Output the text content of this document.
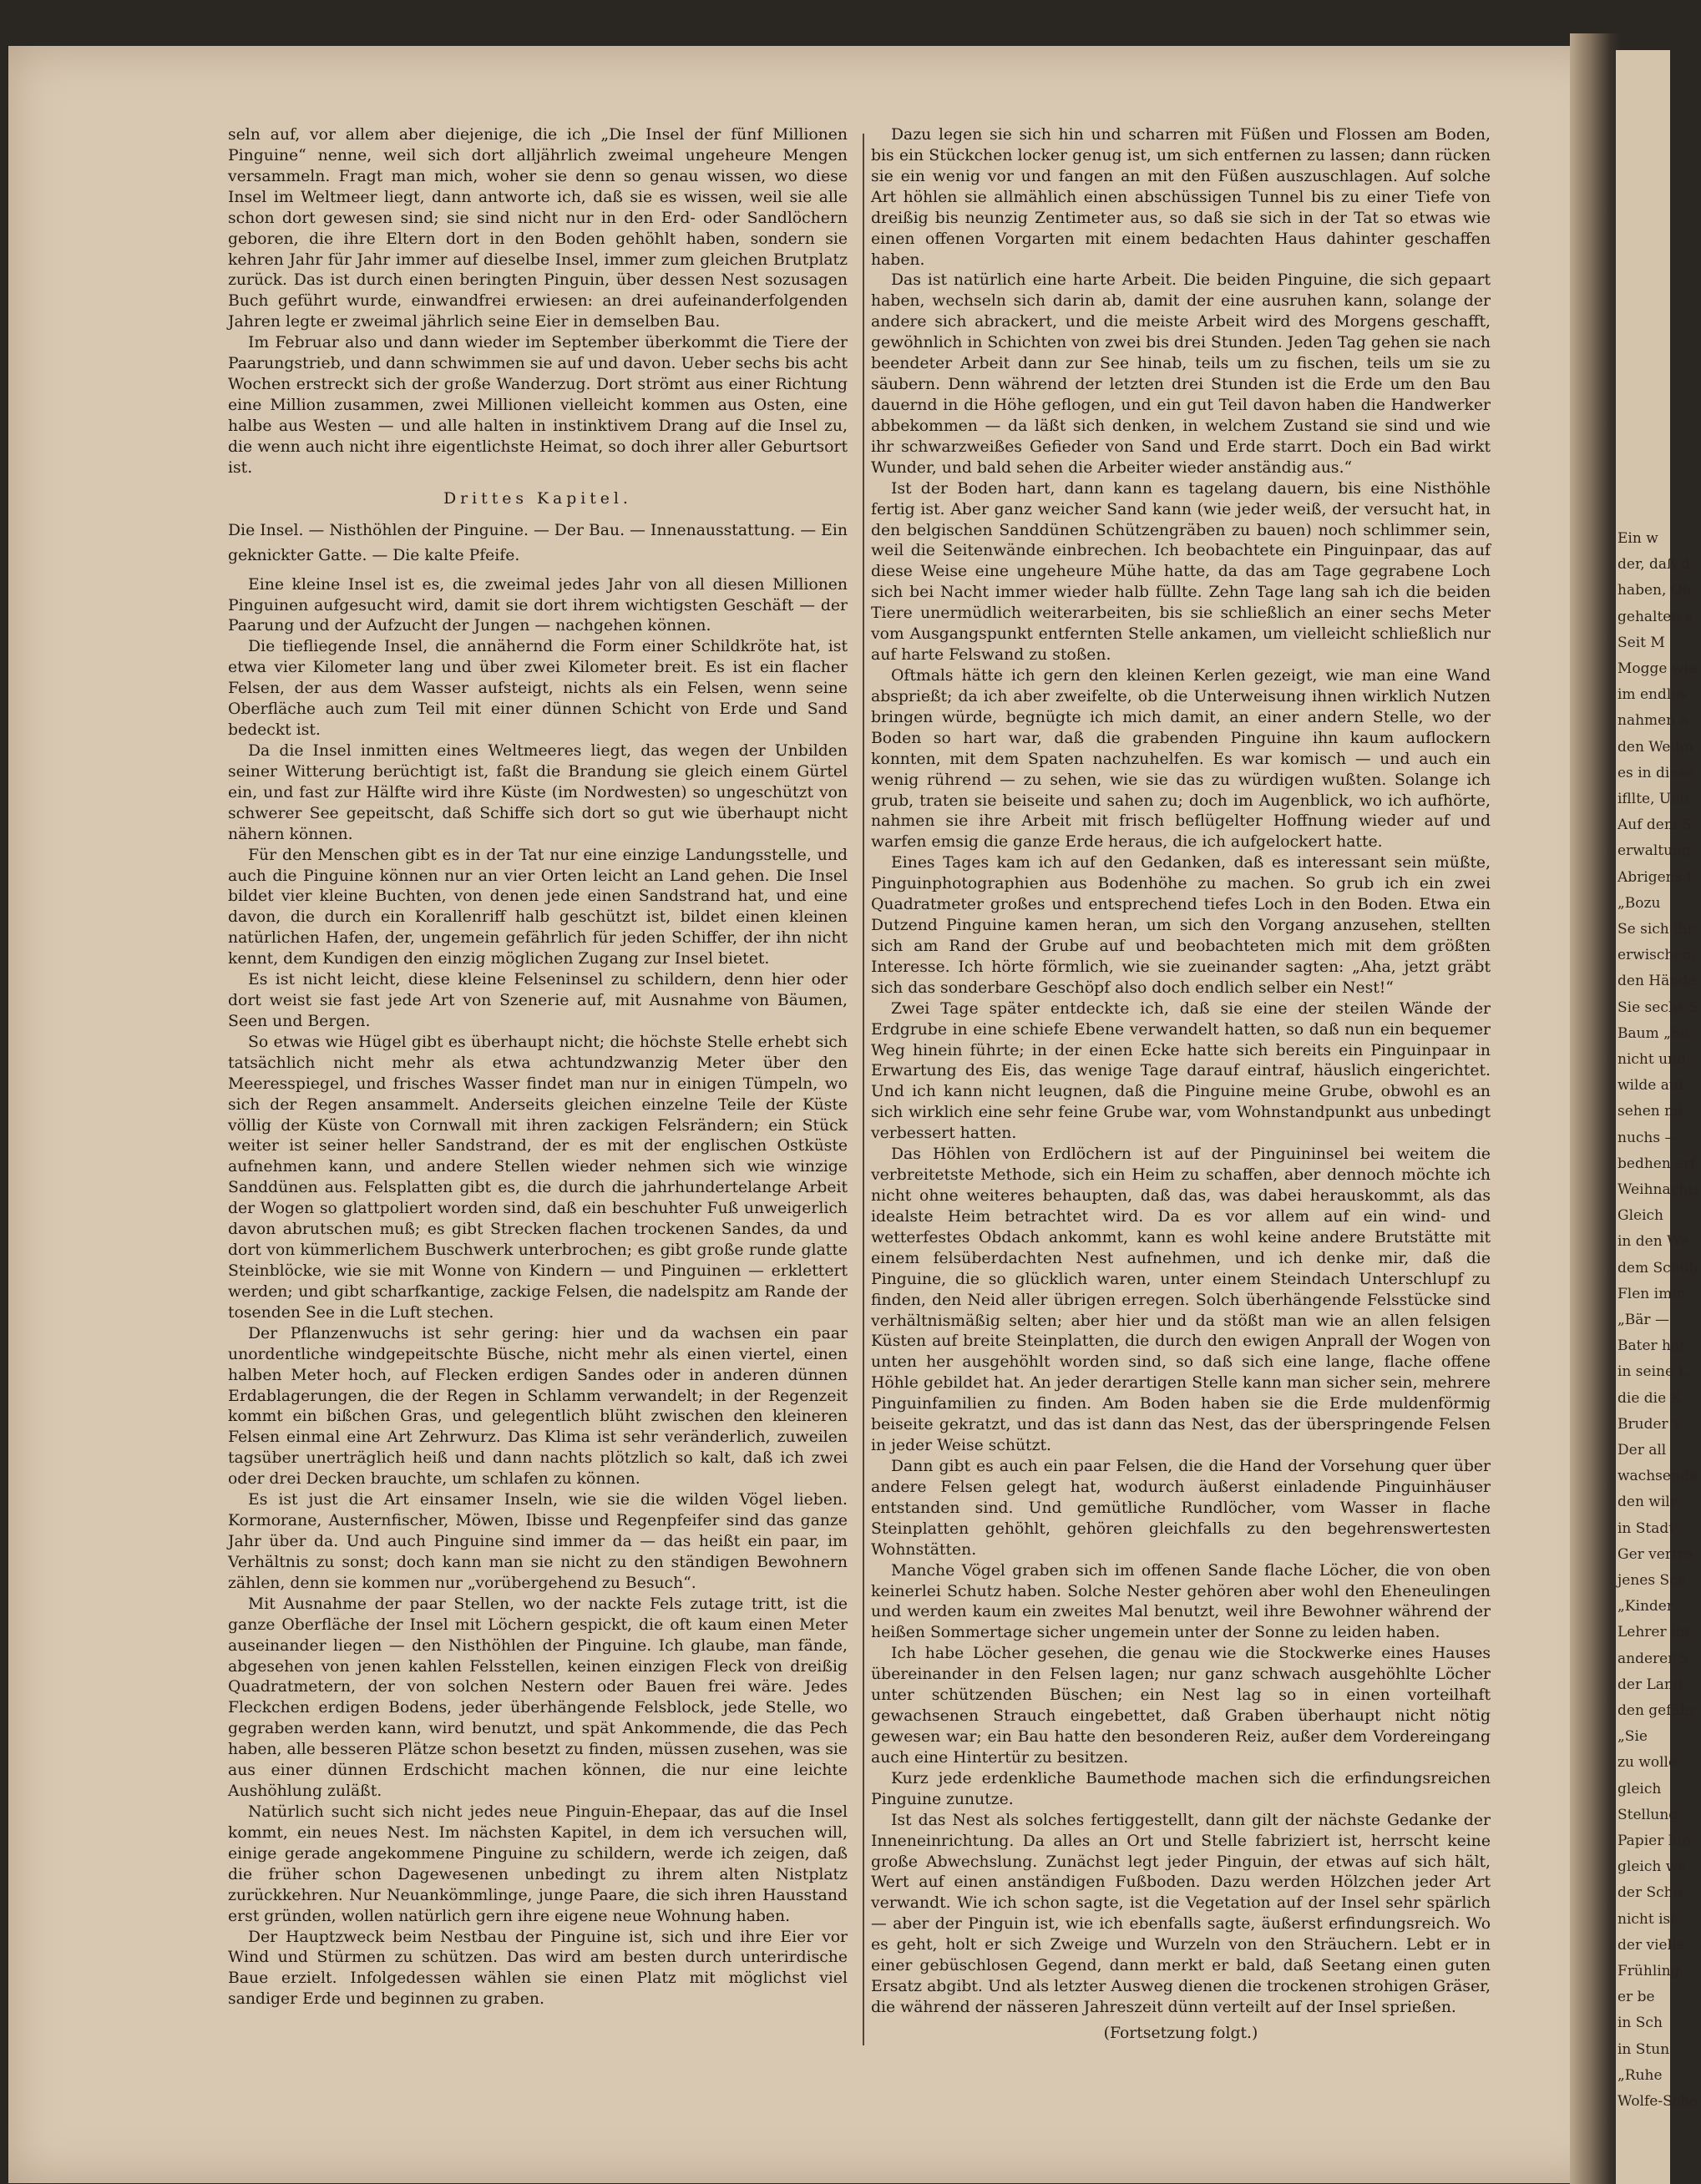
Ein w
der, daß d
haben, Ob
gehalten s
Seit M
Mogge wie
im endlos
nahmen a
den Weihn
es in diese
ifllte, Ueb
Auf dem S
erwaltung
Abrigens t
„Bozu
Se sich ihr
erwischen,
den Hände
Sie sechs S
Baum „So
nicht und
wilde auf
sehen mi
nuchs —
bedhen erf
Weihnachts
Gleich
in den We
dem Schuh
Flen imm
„Bär —
Bater hat
in seine L
die die K
Bruder v
Der all
wachsende
den wilr
in Stadt
Ger vertro
jenes Sch
„Kinder
Lehrer ihr
anderer S
der Land
den gefähr
„Sie
zu wolle
gleich
Stellung
Papier hin
gleich we
der Schu
nicht ist
der vielle
Frühling
er be
in Sch
in Stun
„Ruhe
Wolfe-Sche

seln auf, vor allem aber diejenige, die ich „Die Insel der fünf Millionen Pinguine“ nenne, weil sich dort alljährlich zweimal ungeheure Mengen versammeln. Fragt man mich, woher sie denn so genau wissen, wo diese Insel im Weltmeer liegt, dann antworte ich, daß sie es wissen, weil sie alle schon dort gewesen sind; sie sind nicht nur in den Erd- oder Sandlöchern geboren, die ihre Eltern dort in den Boden gehöhlt haben, sondern sie kehren Jahr für Jahr immer auf dieselbe Insel, immer zum gleichen Brutplatz zurück. Das ist durch einen beringten Pinguin, über dessen Nest sozusagen Buch geführt wurde, einwandfrei erwiesen: an drei aufeinanderfolgenden Jahren legte er zweimal jährlich seine Eier in demselben Bau.

Im Februar also und dann wieder im September überkommt die Tiere der Paarungstrieb, und dann schwimmen sie auf und davon. Ueber sechs bis acht Wochen erstreckt sich der große Wanderzug. Dort strömt aus einer Richtung eine Million zusammen, zwei Millionen vielleicht kommen aus Osten, eine halbe aus Westen — und alle halten in instinktivem Drang auf die Insel zu, die wenn auch nicht ihre eigentlichste Heimat, so doch ihrer aller Geburtsort ist.

Drittes Kapitel.

Die Insel. — Nisthöhlen der Pinguine. — Der Bau. — Innenausstattung. — Ein geknickter Gatte. — Die kalte Pfeife.

Eine kleine Insel ist es, die zweimal jedes Jahr von all diesen Millionen Pinguinen aufgesucht wird, damit sie dort ihrem wichtigsten Geschäft — der Paarung und der Aufzucht der Jungen — nachgehen können.

Die tiefliegende Insel, die annähernd die Form einer Schildkröte hat, ist etwa vier Kilometer lang und über zwei Kilometer breit. Es ist ein flacher Felsen, der aus dem Wasser aufsteigt, nichts als ein Felsen, wenn seine Oberfläche auch zum Teil mit einer dünnen Schicht von Erde und Sand bedeckt ist.

Da die Insel inmitten eines Weltmeeres liegt, das wegen der Unbilden seiner Witterung berüchtigt ist, faßt die Brandung sie gleich einem Gürtel ein, und fast zur Hälfte wird ihre Küste (im Nordwesten) so ungeschützt von schwerer See gepeitscht, daß Schiffe sich dort so gut wie überhaupt nicht nähern können.

Für den Menschen gibt es in der Tat nur eine einzige Landungsstelle, und auch die Pinguine können nur an vier Orten leicht an Land gehen. Die Insel bildet vier kleine Buchten, von denen jede einen Sandstrand hat, und eine davon, die durch ein Korallenriff halb geschützt ist, bildet einen kleinen natürlichen Hafen, der, ungemein gefährlich für jeden Schiffer, der ihn nicht kennt, dem Kundigen den einzig möglichen Zugang zur Insel bietet.

Es ist nicht leicht, diese kleine Felseninsel zu schildern, denn hier oder dort weist sie fast jede Art von Szenerie auf, mit Ausnahme von Bäumen, Seen und Bergen.

So etwas wie Hügel gibt es überhaupt nicht; die höchste Stelle erhebt sich tatsächlich nicht mehr als etwa achtundzwanzig Meter über den Meeresspiegel, und frisches Wasser findet man nur in einigen Tümpeln, wo sich der Regen ansammelt. Anderseits gleichen einzelne Teile der Küste völlig der Küste von Cornwall mit ihren zackigen Felsrändern; ein Stück weiter ist seiner heller Sandstrand, der es mit der englischen Ostküste aufnehmen kann, und andere Stellen wieder nehmen sich wie winzige Sanddünen aus. Felsplatten gibt es, die durch die jahrhundertelange Arbeit der Wogen so glattpoliert worden sind, daß ein beschuhter Fuß unweigerlich davon abrutschen muß; es gibt Strecken flachen trockenen Sandes, da und dort von kümmerlichem Buschwerk unterbrochen; es gibt große runde glatte Steinblöcke, wie sie mit Wonne von Kindern — und Pinguinen — erklettert werden; und gibt scharfkantige, zackige Felsen, die nadelspitz am Rande der tosenden See in die Luft stechen.

Der Pflanzenwuchs ist sehr gering: hier und da wachsen ein paar unordentliche windgepeitschte Büsche, nicht mehr als einen viertel, einen halben Meter hoch, auf Flecken erdigen Sandes oder in anderen dünnen Erdablagerungen, die der Regen in Schlamm verwandelt; in der Regenzeit kommt ein bißchen Gras, und gelegentlich blüht zwischen den kleineren Felsen einmal eine Art Zehrwurz. Das Klima ist sehr veränderlich, zuweilen tagsüber unerträglich heiß und dann nachts plötzlich so kalt, daß ich zwei oder drei Decken brauchte, um schlafen zu können.

Es ist just die Art einsamer Inseln, wie sie die wilden Vögel lieben. Kormorane, Austernfischer, Möwen, Ibisse und Regenpfeifer sind das ganze Jahr über da. Und auch Pinguine sind immer da — das heißt ein paar, im Verhältnis zu sonst; doch kann man sie nicht zu den ständigen Bewohnern zählen, denn sie kommen nur „vorübergehend zu Besuch“.

Mit Ausnahme der paar Stellen, wo der nackte Fels zutage tritt, ist die ganze Oberfläche der Insel mit Löchern gespickt, die oft kaum einen Meter auseinander liegen — den Nisthöhlen der Pinguine. Ich glaube, man fände, abgesehen von jenen kahlen Felsstellen, keinen einzigen Fleck von dreißig Quadratmetern, der von solchen Nestern oder Bauen frei wäre. Jedes Fleckchen erdigen Bodens, jeder überhängende Felsblock, jede Stelle, wo gegraben werden kann, wird benutzt, und spät Ankommende, die das Pech haben, alle besseren Plätze schon besetzt zu finden, müssen zusehen, was sie aus einer dünnen Erdschicht machen können, die nur eine leichte Aushöhlung zuläßt.

Natürlich sucht sich nicht jedes neue Pinguin-Ehepaar, das auf die Insel kommt, ein neues Nest. Im nächsten Kapitel, in dem ich versuchen will, einige gerade angekommene Pinguine zu schildern, werde ich zeigen, daß die früher schon Dagewesenen unbedingt zu ihrem alten Nistplatz zurückkehren. Nur Neuankömmlinge, junge Paare, die sich ihren Hausstand erst gründen, wollen natürlich gern ihre eigene neue Wohnung haben.

Der Hauptzweck beim Nestbau der Pinguine ist, sich und ihre Eier vor Wind und Stürmen zu schützen. Das wird am besten durch unterirdische Baue erzielt. Infolgedessen wählen sie einen Platz mit möglichst viel sandiger Erde und beginnen zu graben.

Dazu legen sie sich hin und scharren mit Füßen und Flossen am Boden, bis ein Stückchen locker genug ist, um sich entfernen zu lassen; dann rücken sie ein wenig vor und fangen an mit den Füßen auszuschlagen. Auf solche Art höhlen sie allmählich einen abschüssigen Tunnel bis zu einer Tiefe von dreißig bis neunzig Zentimeter aus, so daß sie sich in der Tat so etwas wie einen offenen Vorgarten mit einem bedachten Haus dahinter geschaffen haben.

Das ist natürlich eine harte Arbeit. Die beiden Pinguine, die sich gepaart haben, wechseln sich darin ab, damit der eine ausruhen kann, solange der andere sich abrackert, und die meiste Arbeit wird des Morgens geschafft, gewöhnlich in Schichten von zwei bis drei Stunden. Jeden Tag gehen sie nach beendeter Arbeit dann zur See hinab, teils um zu fischen, teils um sie zu säubern. Denn während der letzten drei Stunden ist die Erde um den Bau dauernd in die Höhe geflogen, und ein gut Teil davon haben die Handwerker abbekommen — da läßt sich denken, in welchem Zustand sie sind und wie ihr schwarzweißes Gefieder von Sand und Erde starrt. Doch ein Bad wirkt Wunder, und bald sehen die Arbeiter wieder anständig aus.“

Ist der Boden hart, dann kann es tagelang dauern, bis eine Nisthöhle fertig ist. Aber ganz weicher Sand kann (wie jeder weiß, der versucht hat, in den belgischen Sanddünen Schützengräben zu bauen) noch schlimmer sein, weil die Seitenwände einbrechen. Ich beobachtete ein Pinguinpaar, das auf diese Weise eine ungeheure Mühe hatte, da das am Tage gegrabene Loch sich bei Nacht immer wieder halb füllte. Zehn Tage lang sah ich die beiden Tiere unermüdlich weiterarbeiten, bis sie schließlich an einer sechs Meter vom Ausgangspunkt entfernten Stelle ankamen, um vielleicht schließlich nur auf harte Felswand zu stoßen.

Oftmals hätte ich gern den kleinen Kerlen gezeigt, wie man eine Wand absprießt; da ich aber zweifelte, ob die Unterweisung ihnen wirklich Nutzen bringen würde, begnügte ich mich damit, an einer andern Stelle, wo der Boden so hart war, daß die grabenden Pinguine ihn kaum auflockern konnten, mit dem Spaten nachzuhelfen. Es war komisch — und auch ein wenig rührend — zu sehen, wie sie das zu würdigen wußten. Solange ich grub, traten sie beiseite und sahen zu; doch im Augenblick, wo ich aufhörte, nahmen sie ihre Arbeit mit frisch beflügelter Hoffnung wieder auf und warfen emsig die ganze Erde heraus, die ich aufgelockert hatte.

Eines Tages kam ich auf den Gedanken, daß es interessant sein müßte, Pinguinphotographien aus Bodenhöhe zu machen. So grub ich ein zwei Quadratmeter großes und entsprechend tiefes Loch in den Boden. Etwa ein Dutzend Pinguine kamen heran, um sich den Vorgang anzusehen, stellten sich am Rand der Grube auf und beobachteten mich mit dem größten Interesse. Ich hörte förmlich, wie sie zueinander sagten: „Aha, jetzt gräbt sich das sonderbare Geschöpf also doch endlich selber ein Nest!“

Zwei Tage später entdeckte ich, daß sie eine der steilen Wände der Erdgrube in eine schiefe Ebene verwandelt hatten, so daß nun ein bequemer Weg hinein führte; in der einen Ecke hatte sich bereits ein Pinguinpaar in Erwartung des Eis, das wenige Tage darauf eintraf, häuslich eingerichtet. Und ich kann nicht leugnen, daß die Pinguine meine Grube, obwohl es an sich wirklich eine sehr feine Grube war, vom Wohnstandpunkt aus unbedingt verbessert hatten.

Das Höhlen von Erdlöchern ist auf der Pinguininsel bei weitem die verbreitetste Methode, sich ein Heim zu schaffen, aber dennoch möchte ich nicht ohne weiteres behaupten, daß das, was dabei herauskommt, als das idealste Heim betrachtet wird. Da es vor allem auf ein wind- und wetterfestes Obdach ankommt, kann es wohl keine andere Brutstätte mit einem felsüberdachten Nest aufnehmen, und ich denke mir, daß die Pinguine, die so glücklich waren, unter einem Steindach Unterschlupf zu finden, den Neid aller übrigen erregen. Solch überhängende Felsstücke sind verhältnismäßig selten; aber hier und da stößt man wie an allen felsigen Küsten auf breite Steinplatten, die durch den ewigen Anprall der Wogen von unten her ausgehöhlt worden sind, so daß sich eine lange, flache offene Höhle gebildet hat. An jeder derartigen Stelle kann man sicher sein, mehrere Pinguinfamilien zu finden. Am Boden haben sie die Erde muldenförmig beiseite gekratzt, und das ist dann das Nest, das der überspringende Felsen in jeder Weise schützt.

Dann gibt es auch ein paar Felsen, die die Hand der Vorsehung quer über andere Felsen gelegt hat, wodurch äußerst einladende Pinguinhäuser entstanden sind. Und gemütliche Rundlöcher, vom Wasser in flache Steinplatten gehöhlt, gehören gleichfalls zu den begehrenswertesten Wohnstätten.

Manche Vögel graben sich im offenen Sande flache Löcher, die von oben keinerlei Schutz haben. Solche Nester gehören aber wohl den Eheneulingen und werden kaum ein zweites Mal benutzt, weil ihre Bewohner während der heißen Sommertage sicher ungemein unter der Sonne zu leiden haben.

Ich habe Löcher gesehen, die genau wie die Stockwerke eines Hauses übereinander in den Felsen lagen; nur ganz schwach ausgehöhlte Löcher unter schützenden Büschen; ein Nest lag so in einen vorteilhaft gewachsenen Strauch eingebettet, daß Graben überhaupt nicht nötig gewesen war; ein Bau hatte den besonderen Reiz, außer dem Vordereingang auch eine Hintertür zu besitzen.

Kurz jede erdenkliche Baumethode machen sich die erfindungsreichen Pinguine zunutze.

Ist das Nest als solches fertiggestellt, dann gilt der nächste Gedanke der Inneneinrichtung. Da alles an Ort und Stelle fabriziert ist, herrscht keine große Abwechslung. Zunächst legt jeder Pinguin, der etwas auf sich hält, Wert auf einen anständigen Fußboden. Dazu werden Hölzchen jeder Art verwandt. Wie ich schon sagte, ist die Vegetation auf der Insel sehr spärlich — aber der Pinguin ist, wie ich ebenfalls sagte, äußerst erfindungsreich. Wo es geht, holt er sich Zweige und Wurzeln von den Sträuchern. Lebt er in einer gebüschlosen Gegend, dann merkt er bald, daß Seetang einen guten Ersatz abgibt. Und als letzter Ausweg dienen die trockenen strohigen Gräser, die während der nässeren Jahreszeit dünn verteilt auf der Insel sprießen.

(Fortsetzung folgt.)
